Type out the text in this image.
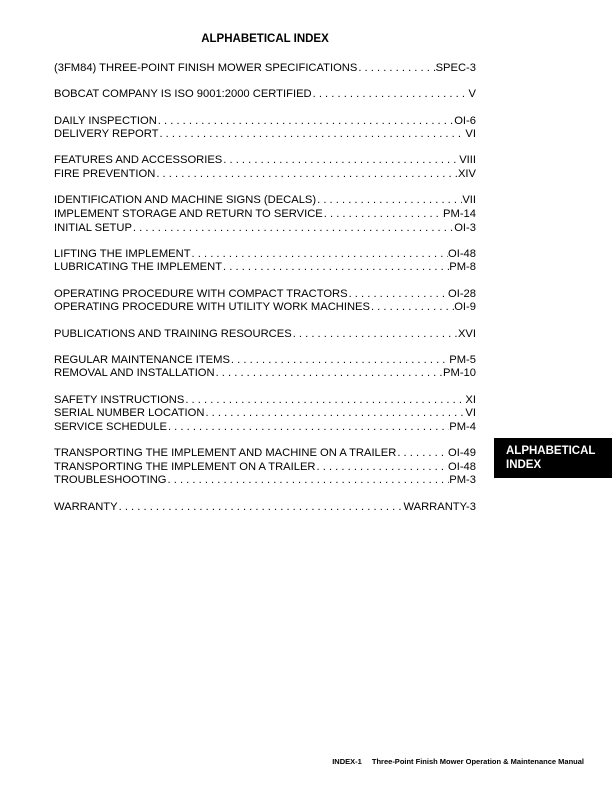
ALPHABETICAL INDEX
(3FM84) THREE-POINT FINISH MOWER SPECIFICATIONS . . .	SPEC-3
BOBCAT COMPANY IS ISO 9001:2000 CERTIFIED . . .	V
DAILY INSPECTION . . .	OI-6
DELIVERY REPORT . . .	VI
FEATURES AND ACCESSORIES . . .	VIII
FIRE PREVENTION . . .	XIV
IDENTIFICATION AND MACHINE SIGNS (DECALS) . . .	VII
IMPLEMENT STORAGE AND RETURN TO SERVICE . . .	PM-14
INITIAL SETUP . . .	OI-3
LIFTING THE IMPLEMENT . . .	OI-48
LUBRICATING THE IMPLEMENT . . .	PM-8
OPERATING PROCEDURE WITH COMPACT TRACTORS . . .	OI-28
OPERATING PROCEDURE WITH UTILITY WORK MACHINES . . .	OI-9
PUBLICATIONS AND TRAINING RESOURCES . . .	XVI
REGULAR MAINTENANCE ITEMS . . .	PM-5
REMOVAL AND INSTALLATION . . .	PM-10
SAFETY INSTRUCTIONS . . .	XI
SERIAL NUMBER LOCATION . . .	VI
SERVICE SCHEDULE . . .	PM-4
TRANSPORTING THE IMPLEMENT AND MACHINE ON A TRAILER . . .	OI-49
TRANSPORTING THE IMPLEMENT ON A TRAILER . . .	OI-48
TROUBLESHOOTING . . .	PM-3
WARRANTY . . .	WARRANTY-3
ALPHABETICAL
INDEX
INDEX-1 Three-Point Finish Mower Operation & Maintenance Manual
